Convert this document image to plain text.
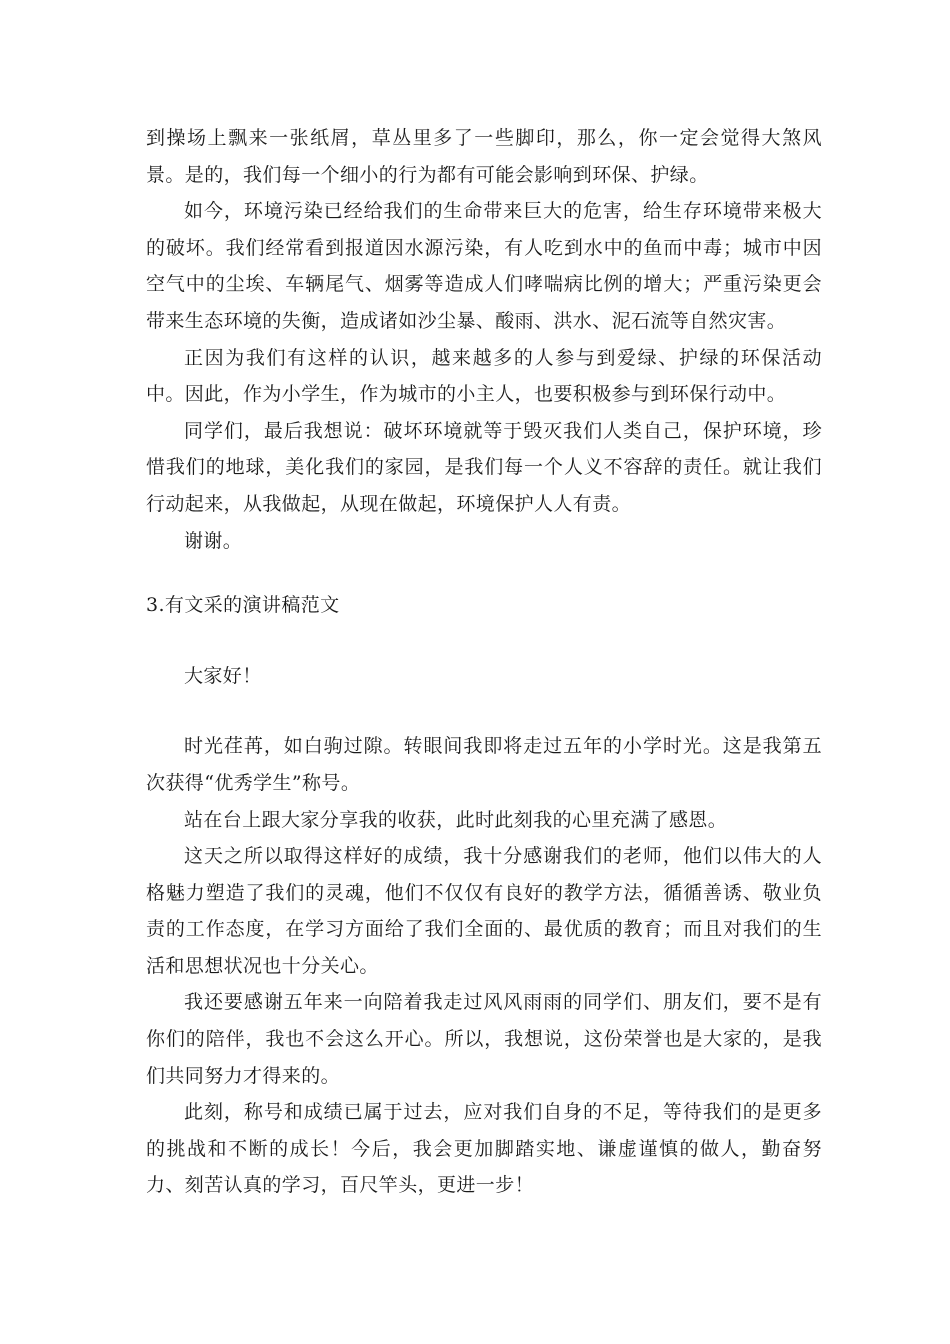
到操场上飘来一张纸屑，草丛里多了一些脚印，那么，你一定会觉得大煞风景。是的，我们每一个细小的行为都有可能会影响到环保、护绿。

如今，环境污染已经给我们的生命带来巨大的危害，给生存环境带来极大的破坏。我们经常看到报道因水源污染，有人吃到水中的鱼而中毒；城市中因空气中的尘埃、车辆尾气、烟雾等造成人们哮喘病比例的增大；严重污染更会带来生态环境的失衡，造成诸如沙尘暴、酸雨、洪水、泥石流等自然灾害。

正因为我们有这样的认识，越来越多的人参与到爱绿、护绿的环保活动中。因此，作为小学生，作为城市的小主人，也要积极参与到环保行动中。

同学们，最后我想说：破坏环境就等于毁灭我们人类自己，保护环境，珍惜我们的地球，美化我们的家园，是我们每一个人义不容辞的责任。就让我们行动起来，从我做起，从现在做起，环境保护人人有责。

谢谢。

3.有文采的演讲稿范文

大家好！

时光荏苒，如白驹过隙。转眼间我即将走过五年的小学时光。这是我第五次获得“优秀学生”称号。

站在台上跟大家分享我的收获，此时此刻我的心里充满了感恩。

这天之所以取得这样好的成绩，我十分感谢我们的老师，他们以伟大的人格魅力塑造了我们的灵魂，他们不仅仅有良好的教学方法，循循善诱、敬业负责的工作态度，在学习方面给了我们全面的、最优质的教育；而且对我们的生活和思想状况也十分关心。

我还要感谢五年来一向陪着我走过风风雨雨的同学们、朋友们，要不是有你们的陪伴，我也不会这么开心。所以，我想说，这份荣誉也是大家的，是我们共同努力才得来的。

此刻，称号和成绩已属于过去，应对我们自身的不足，等待我们的是更多的挑战和不断的成长！今后，我会更加脚踏实地、谦虚谨慎的做人，勤奋努力、刻苦认真的学习，百尺竿头，更进一步！
